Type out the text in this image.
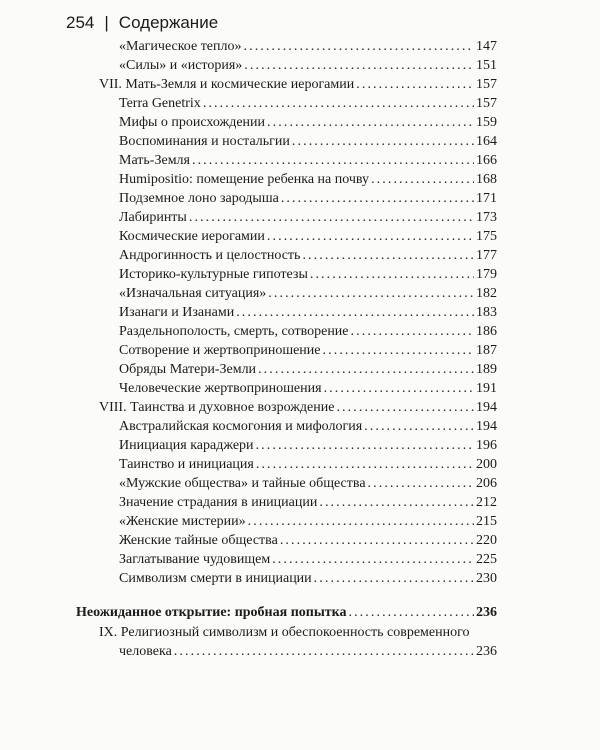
254 | Содержание
«Магическое тепло» .....	147
«Силы» и «история» .....	151
VII. Мать-Земля и космические иерогамии .....	157
Terra Genetrix .....	157
Мифы о происхождении .....	159
Воспоминания и ностальгии .....	164
Мать-Земля .....	166
Humipositio: помещение ребенка на почву .....	168
Подземное лоно зародыша .....	171
Лабиринты .....	173
Космические иерогамии .....	175
Андрогинность и целостность .....	177
Историко-культурные гипотезы .....	179
«Изначальная ситуация» .....	182
Изанаги и Изанами .....	183
Раздельнополость, смерть, сотворение .....	186
Сотворение и жертвоприношение .....	187
Обряды Матери-Земли .....	189
Человеческие жертвоприношения .....	191
VIII. Таинства и духовное возрождение .....	194
Австралийская космогония и мифология .....	194
Инициация караджери .....	196
Таинство и инициация .....	200
«Мужские общества» и тайные общества .....	206
Значение страдания в инициации .....	212
«Женские мистерии» .....	215
Женские тайные общества .....	220
Заглатывание чудовищем .....	225
Символизм смерти в инициации .....	230
Неожиданное открытие: пробная попытка .....	236
IX. Религиозный символизм и обеспокоенность современного
человека .....	236
